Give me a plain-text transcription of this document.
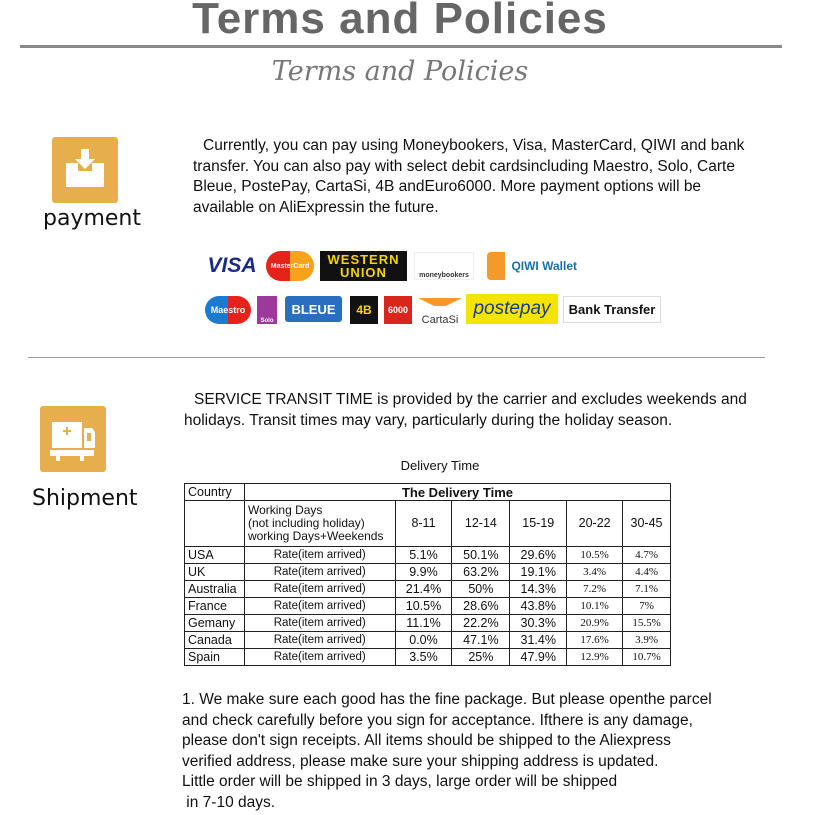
Terms and Policies
Terms and Policies
payment
Currently, you can pay using Moneybookers, Visa, MasterCard, QIWI and bank transfer. You can also pay with select debit cardsincluding Maestro, Solo, Carte Bleue, PostePay, CartaSi, 4B andEuro6000. More payment options will be available on AliExpressin the future.
VISA	MasterCard	WESTERN UNION	moneybookers
QIWI Wallet
Maestro
Solo
BLEUE	4B	6000
CartaSi
postepay	Bank Transfer
Shipment
SERVICE TRANSIT TIME is provided by the carrier and excludes weekends and holidays. Transit times may vary, particularly during the holiday season.
Delivery Time
Country	The Delivery Time					

	Working Days
(not including holiday)
working Days+Weekends	8-11	12-14	15-19	20-22	30-45
USA	Rate(item arrived)	5.1%	50.1%	29.6%	10.5%	4.7%
UK	Rate(item arrived)	9.9%	63.2%	19.1%	3.4%	4.4%
Australia	Rate(item arrived)	21.4%	50%	14.3%	7.2%	7.1%
France	Rate(item arrived)	10.5%	28.6%	43.8%	10.1%	7%
Gemany	Rate(item arrived)	11.1%	22.2%	30.3%	20.9%	15.5%
Canada	Rate(item arrived)	0.0%	47.1%	31.4%	17.6%	3.9%
Spain	Rate(item arrived)	3.5%	25%	47.9%	12.9%	10.7%
1. We make sure each good has the fine package. But please openthe parcel
and check carefully before you sign for acceptance. Ifthere is any damage,
please don't sign receipts. All items should be shipped to the Aliexpress
verified address, please make sure your shipping address is updated.
Little order will be shipped in 3 days, large order will be shipped
in 7-10 days.
